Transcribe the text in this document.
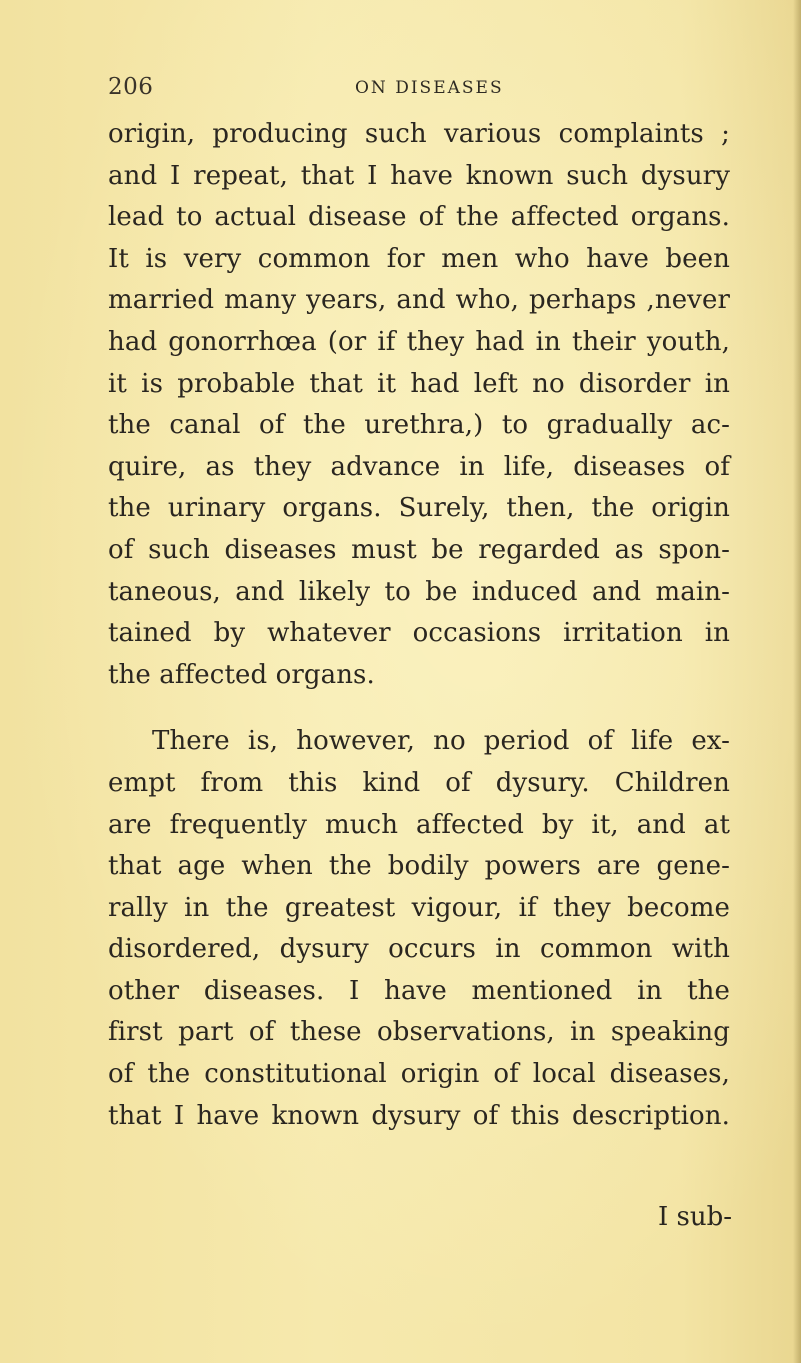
206	ON DISEASES
origin, producing such various complaints ;
and I repeat, that I have known such dysury
lead to actual disease of the affected organs.
It is very common for men who have been
married many years, and who, perhaps ,never
had gonorrhœa (or if they had in their youth,
it is probable that it had left no disorder in
the canal of the urethra,) to gradually ac-
quire, as they advance in life, diseases of
the urinary organs. Surely, then, the origin
of such diseases must be regarded as spon-
taneous, and likely to be induced and main-
tained by whatever occasions irritation in
the affected organs.
There is, however, no period of life ex-
empt from this kind of dysury. Children
are frequently much affected by it, and at
that age when the bodily powers are gene-
rally in the greatest vigour, if they become
disordered, dysury occurs in common with
other diseases. I have mentioned in the
first part of these observations, in speaking
of the constitutional origin of local diseases,
that I have known dysury of this description.
I sub-
